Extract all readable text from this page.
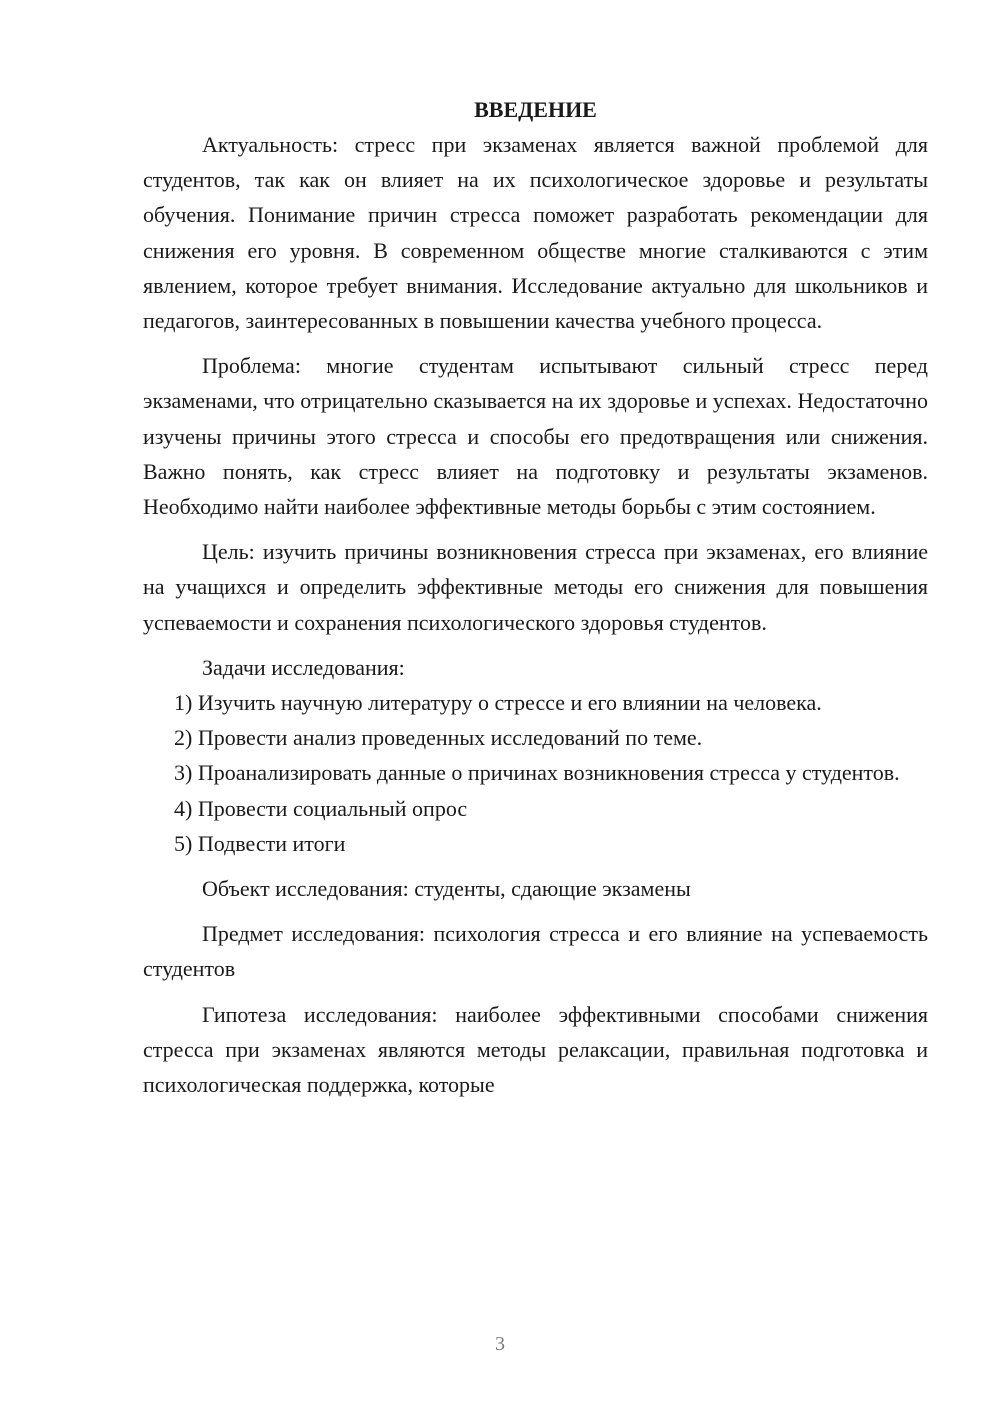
ВВЕДЕНИЕ

Актуальность: стресс при экзаменах является важной проблемой для студентов, так как он влияет на их психологическое здоровье и результаты обучения. Понимание причин стресса поможет разработать рекомендации для снижения его уровня. В современном обществе многие сталкиваются с этим явлением, которое требует внимания. Исследование актуально для школьников и педагогов, заинтересованных в повышении качества учебного процесса.

Проблема: многие студентам испытывают сильный стресс перед экзаменами, что отрицательно сказывается на их здоровье и успехах. Недостаточно изучены причины этого стресса и способы его предотвращения или снижения. Важно понять, как стресс влияет на подготовку и результаты экзаменов. Необходимо найти наиболее эффективные методы борьбы с этим состоянием.

Цель: изучить причины возникновения стресса при экзаменах, его влияние на учащихся и определить эффективные методы его снижения для повышения успеваемости и сохранения психологического здоровья студентов.

Задачи исследования:

1) Изучить научную литературу о стрессе и его влиянии на человека.

2) Провести анализ проведенных исследований по теме.

3) Проанализировать данные о причинах возникновения стресса у студентов.

4) Провести социальный опрос

5) Подвести итоги

Объект исследования: студенты, сдающие экзамены

Предмет исследования: психология стресса и его влияние на успеваемость студентов

Гипотеза исследования: наиболее эффективными способами снижения стресса при экзаменах являются методы релаксации, правильная подготовка и психологическая поддержка, которые

3
